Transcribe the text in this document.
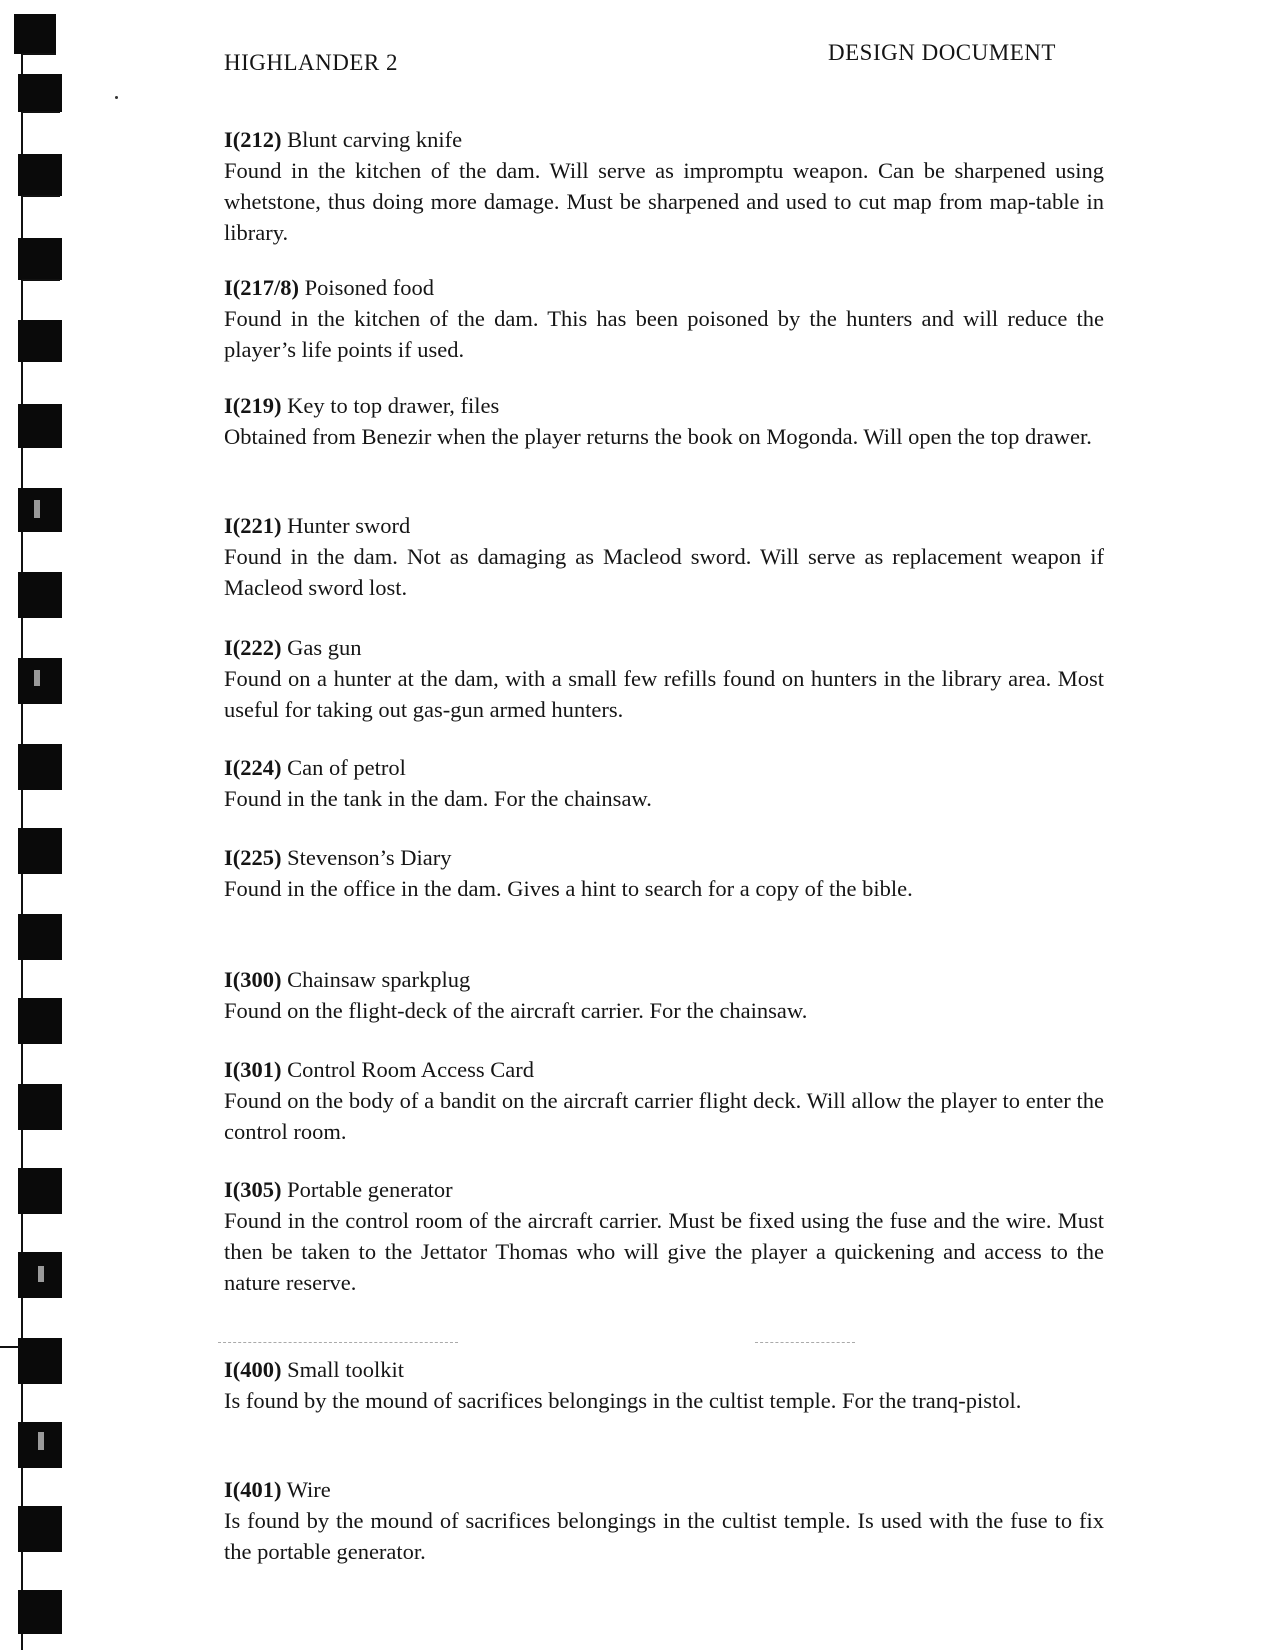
HIGHLANDER 2	DESIGN DOCUMENT
I(212) Blunt carving knife
Found in the kitchen of the dam. Will serve as impromptu weapon. Can be sharpened using whetstone, thus doing more damage. Must be sharpened and used to cut map from map-table in library.
I(217/8) Poisoned food
Found in the kitchen of the dam. This has been poisoned by the hunters and will reduce the player’s life points if used.
I(219) Key to top drawer, files
Obtained from Benezir when the player returns the book on Mogonda. Will open the top drawer.
I(221) Hunter sword
Found in the dam. Not as damaging as Macleod sword. Will serve as replacement weapon if Macleod sword lost.
I(222) Gas gun
Found on a hunter at the dam, with a small few refills found on hunters in the library area. Most useful for taking out gas-gun armed hunters.
I(224) Can of petrol
Found in the tank in the dam. For the chainsaw.
I(225) Stevenson’s Diary
Found in the office in the dam. Gives a hint to search for a copy of the bible.
I(300) Chainsaw sparkplug
Found on the flight-deck of the aircraft carrier. For the chainsaw.
I(301) Control Room Access Card
Found on the body of a bandit on the aircraft carrier flight deck. Will allow the player to enter the control room.
I(305) Portable generator
Found in the control room of the aircraft carrier. Must be fixed using the fuse and the wire. Must then be taken to the Jettator Thomas who will give the player a quickening and access to the nature reserve.
I(400) Small toolkit
Is found by the mound of sacrifices belongings in the cultist temple. For the tranq-pistol.
I(401) Wire
Is found by the mound of sacrifices belongings in the cultist temple. Is used with the fuse to fix the portable generator.
